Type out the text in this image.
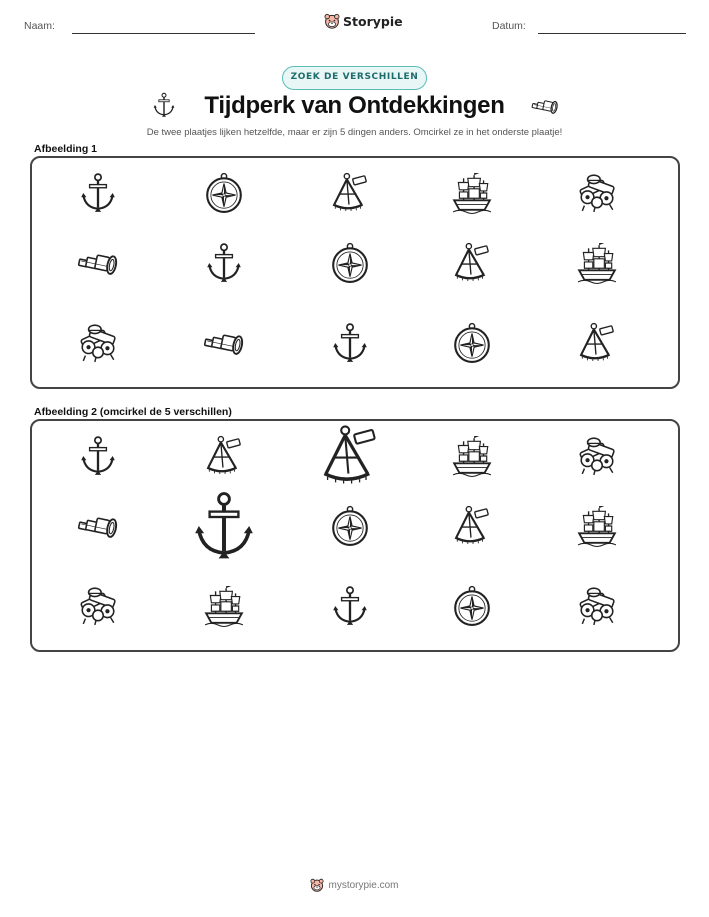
Naam:	Storypie	Datum:
ZOEK DE VERSCHILLEN
Tijdperk van Ontdekkingen
De twee plaatjes lijken hetzelfde, maar er zijn 5 dingen anders. Omcirkel ze in het onderste plaatje!
Afbeelding 1
Afbeelding 2 (omcirkel de 5 verschillen)
mystorypie.com
